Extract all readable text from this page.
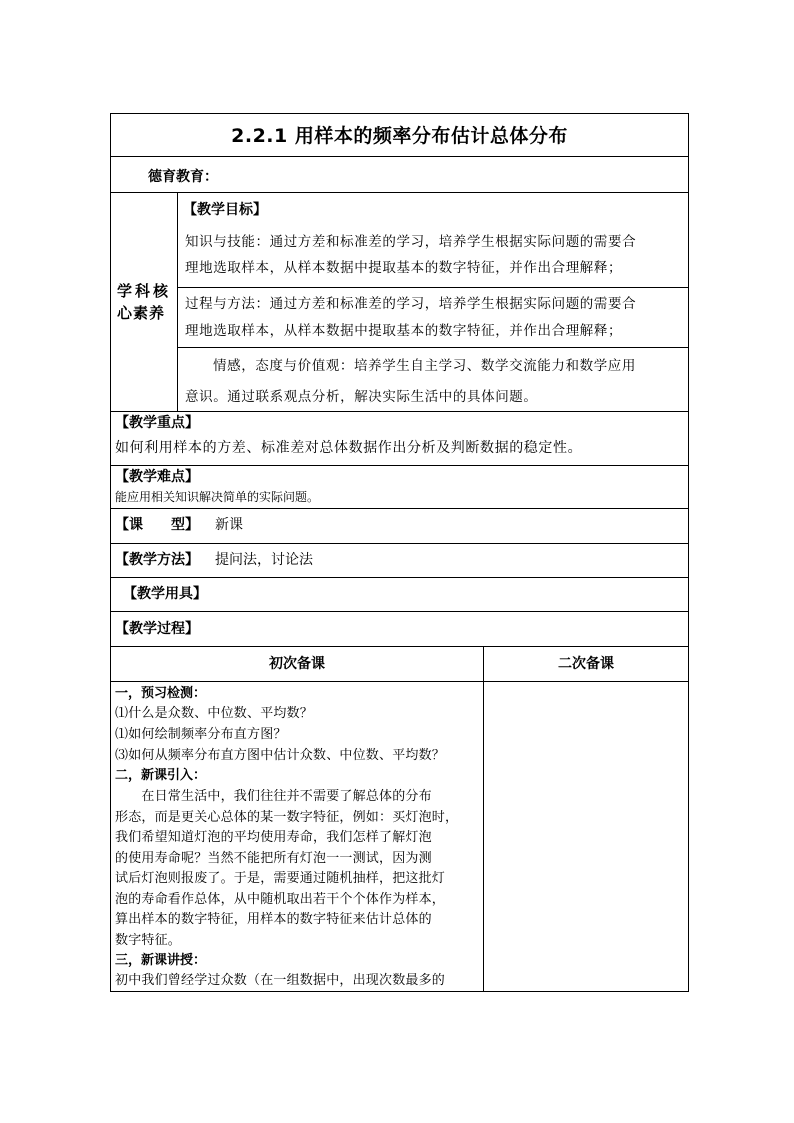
2.2.1 用样本的频率分布估计总体分布
德育教育：
学科核
心素养
【教学目标】
知识与技能：通过方差和标准差的学习，培养学生根据实际问题的需要合
理地选取样本，从样本数据中提取基本的数字特征，并作出合理解释；
过程与方法：通过方差和标准差的学习，培养学生根据实际问题的需要合
理地选取样本，从样本数据中提取基本的数字特征，并作出合理解释；
情感，态度与价值观：培养学生自主学习、数学交流能力和数学应用
意识。通过联系观点分析，解决实际生活中的具体问题。
【教学重点】
如何利用样本的方差、标准差对总体数据作出分析及判断数据的稳定性。
【教学难点】
能应用相关知识解决简单的实际问题。
【课　　型】 新课
【教学方法】 提问法，讨论法
【教学用具】
【教学过程】
初次备课	二次备课
一，预习检测：
⑴什么是众数、中位数、平均数？
⑴如何绘制频率分布直方图？
⑶如何从频率分布直方图中估计众数、中位数、平均数？
二，新课引入：
　　在日常生活中，我们往往并不需要了解总体的分布
形态，而是更关心总体的某一数字特征，例如：买灯泡时，
我们希望知道灯泡的平均使用寿命，我们怎样了解灯泡
的使用寿命呢？当然不能把所有灯泡一一测试，因为测
试后灯泡则报废了。于是，需要通过随机抽样，把这批灯
泡的寿命看作总体，从中随机取出若干个个体作为样本，
算出样本的数字特征，用样本的数字特征来估计总体的
数字特征。
三，新课讲授：
初中我们曾经学过众数（在一组数据中，出现次数最多的
